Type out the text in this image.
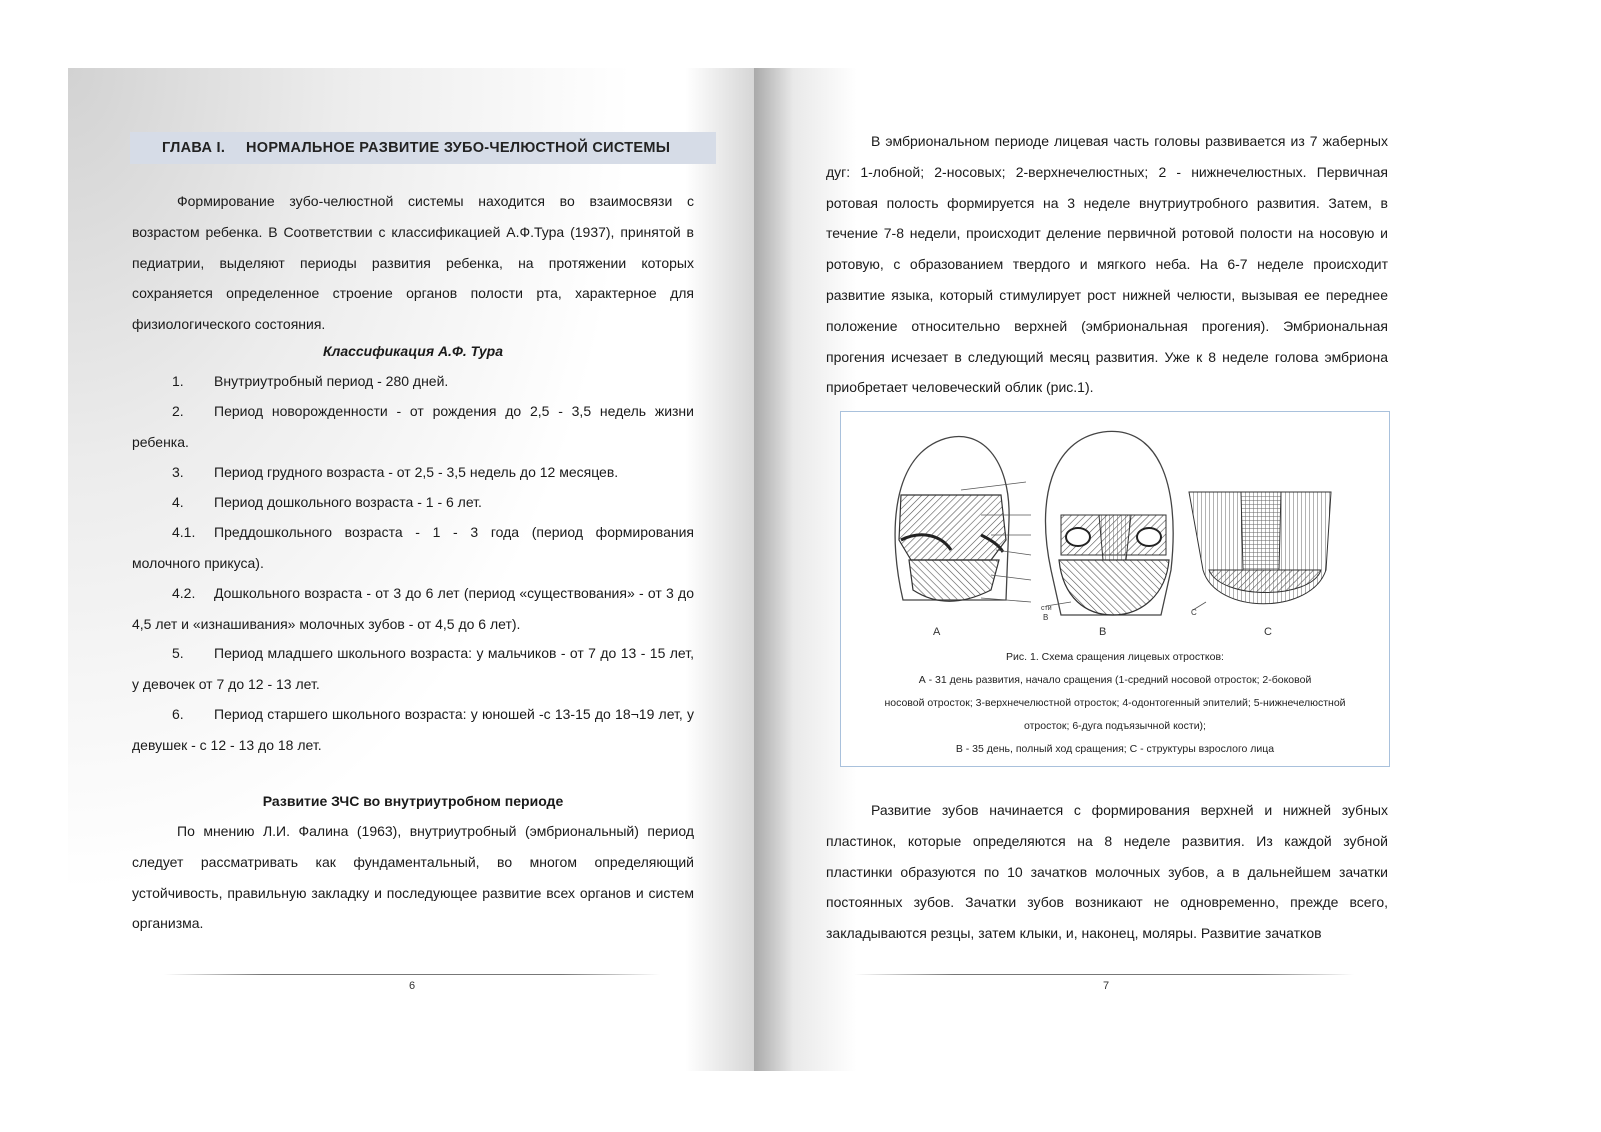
ГЛАВА I. НОРМАЛЬНОЕ РАЗВИТИЕ ЗУБО-ЧЕЛЮСТНОЙ СИСТЕМЫ

Формирование зубо-челюстной системы находится во взаимосвязи с возрастом ребенка. В Соответствии с классификацией А.Ф.Тура (1937), принятой в педиатрии, выделяют периоды развития ребенка, на протяжении которых сохраняется определенное строение органов полости рта, характерное для физиологического состояния.

Классификация А.Ф. Тура

1.	Внутриутробный период - 280 дней.
2.	Период новорожденности - от рождения до 2,5 - 3,5 недель жизни ребенка.
3.	Период грудного возраста - от 2,5 - 3,5 недель до 12 месяцев.
4.	Период дошкольного возраста - 1 - 6 лет.
4.1.	Преддошкольного возраста - 1 - 3 года (период формирования молочного прикуса).
4.2.	Дошкольного возраста - от 3 до 6 лет (период «существования» - от 3 до 4,5 лет и «изнашивания» молочных зубов - от 4,5 до 6 лет).
5.	Период младшего школьного возраста: у мальчиков - от 7 до 13 - 15 лет, у девочек от 7 до 12 - 13 лет.
6.	Период старшего школьного возраста: у юношей -с 13-15 до 18¬19 лет, у девушек - с 12 - 13 до 18 лет.

Развитие ЗЧС во внутриутробном периоде

По мнению Л.И. Фалина (1963), внутриутробный (эмбриональный) период следует рассматривать как фундаментальный, во многом определяющий устойчивость, правильную закладку и последующее развитие всех органов и систем организма.

6

В эмбриональном периоде лицевая часть головы развивается из 7 жаберных дуг: 1-лобной; 2-носовых; 2-верхнечелюстных; 2 - нижнечелюстных. Первичная ротовая полость формируется на 3 неделе внутриутробного развития. Затем, в течение 7-8 недели, происходит деление первичной ротовой полости на носовую и ротовую, с образованием твердого и мягкого неба. На 6-7 неделе происходит развитие языка, который стимулирует рост нижней челюсти, вызывая ее переднее положение относительно верхней (эмбриональная прогения). Эмбриональная прогения исчезает в следующий месяц развития. Уже к 8 неделе голова эмбриона приобретает человеческий облик (рис.1).

сти
В
С
A	B	C
Рис. 1. Схема сращения лицевых отростков:
А - 31 день развития, начало сращения (1-средний носовой отросток; 2-боковой
носовой отросток; 3-верхнечелюстной отросток; 4-одонтогенный эпителий; 5-нижнечелюстной
отросток; 6-дуга подъязычной кости);
В - 35 день, полный ход сращения; С - структуры взрослого лица

Развитие зубов начинается с формирования верхней и нижней зубных пластинок, которые определяются на 8 неделе развития. Из каждой зубной пластинки образуются по 10 зачатков молочных зубов, а в дальнейшем зачатки постоянных зубов. Зачатки зубов возникают не одновременно, прежде всего, закладываются резцы, затем клыки, и, наконец, моляры. Развитие зачатков

7
